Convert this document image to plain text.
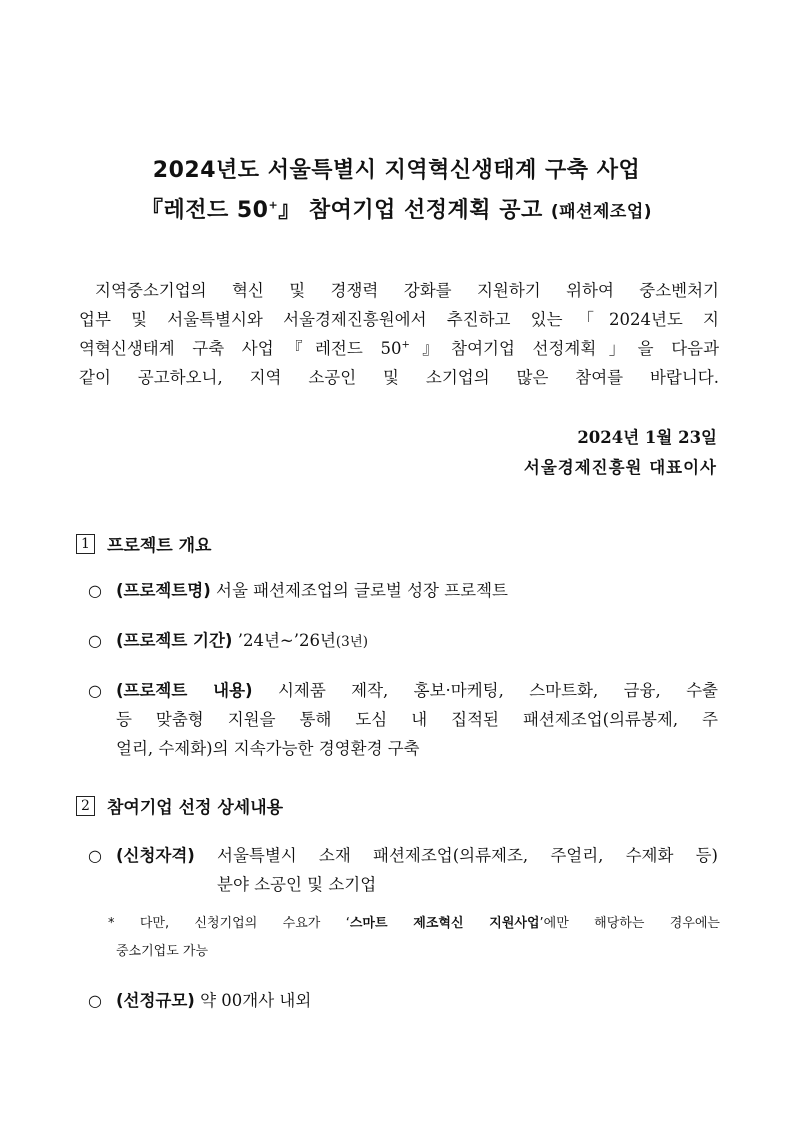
2024년도 서울특별시 지역혁신생태계 구축 사업
『레전드 50+』 참여기업 선정계획 공고 (패션제조업)
지역중소기업의 혁신 및 경쟁력 강화를 지원하기 위하여 중소벤처기
업부 및 서울특별시와 서울경제진흥원에서 추진하고 있는「2024년도 지
역혁신생태계 구축 사업『레전드 50+』참여기업 선정계획」을 다음과
같이 공고하오니, 지역 소공인 및 소기업의 많은 참여를 바랍니다.
2024년 1월 23일
서울경제진흥원 대표이사
1 프로젝트 개요
○ (프로젝트명) 서울 패션제조업의 글로벌 성장 프로젝트
○ (프로젝트 기간) ’24년~’26년(3년)
○ (프로젝트 내용) 시제품 제작, 홍보·마케팅, 스마트화, 금융, 수출
등 맞춤형 지원을 통해 도심 내 집적된 패션제조업(의류봉제, 주
얼리, 수제화)의 지속가능한 경영환경 구축
2 참여기업 선정 상세내용
○ (신청자격) 서울특별시 소재 패션제조업(의류제조, 주얼리, 수제화 등)
분야 소공인 및 소기업
* 다만, 신청기업의 수요가 ‘스마트 제조혁신 지원사업’에만 해당하는 경우에는
중소기업도 가능
○ (선정규모) 약 00개사 내외
